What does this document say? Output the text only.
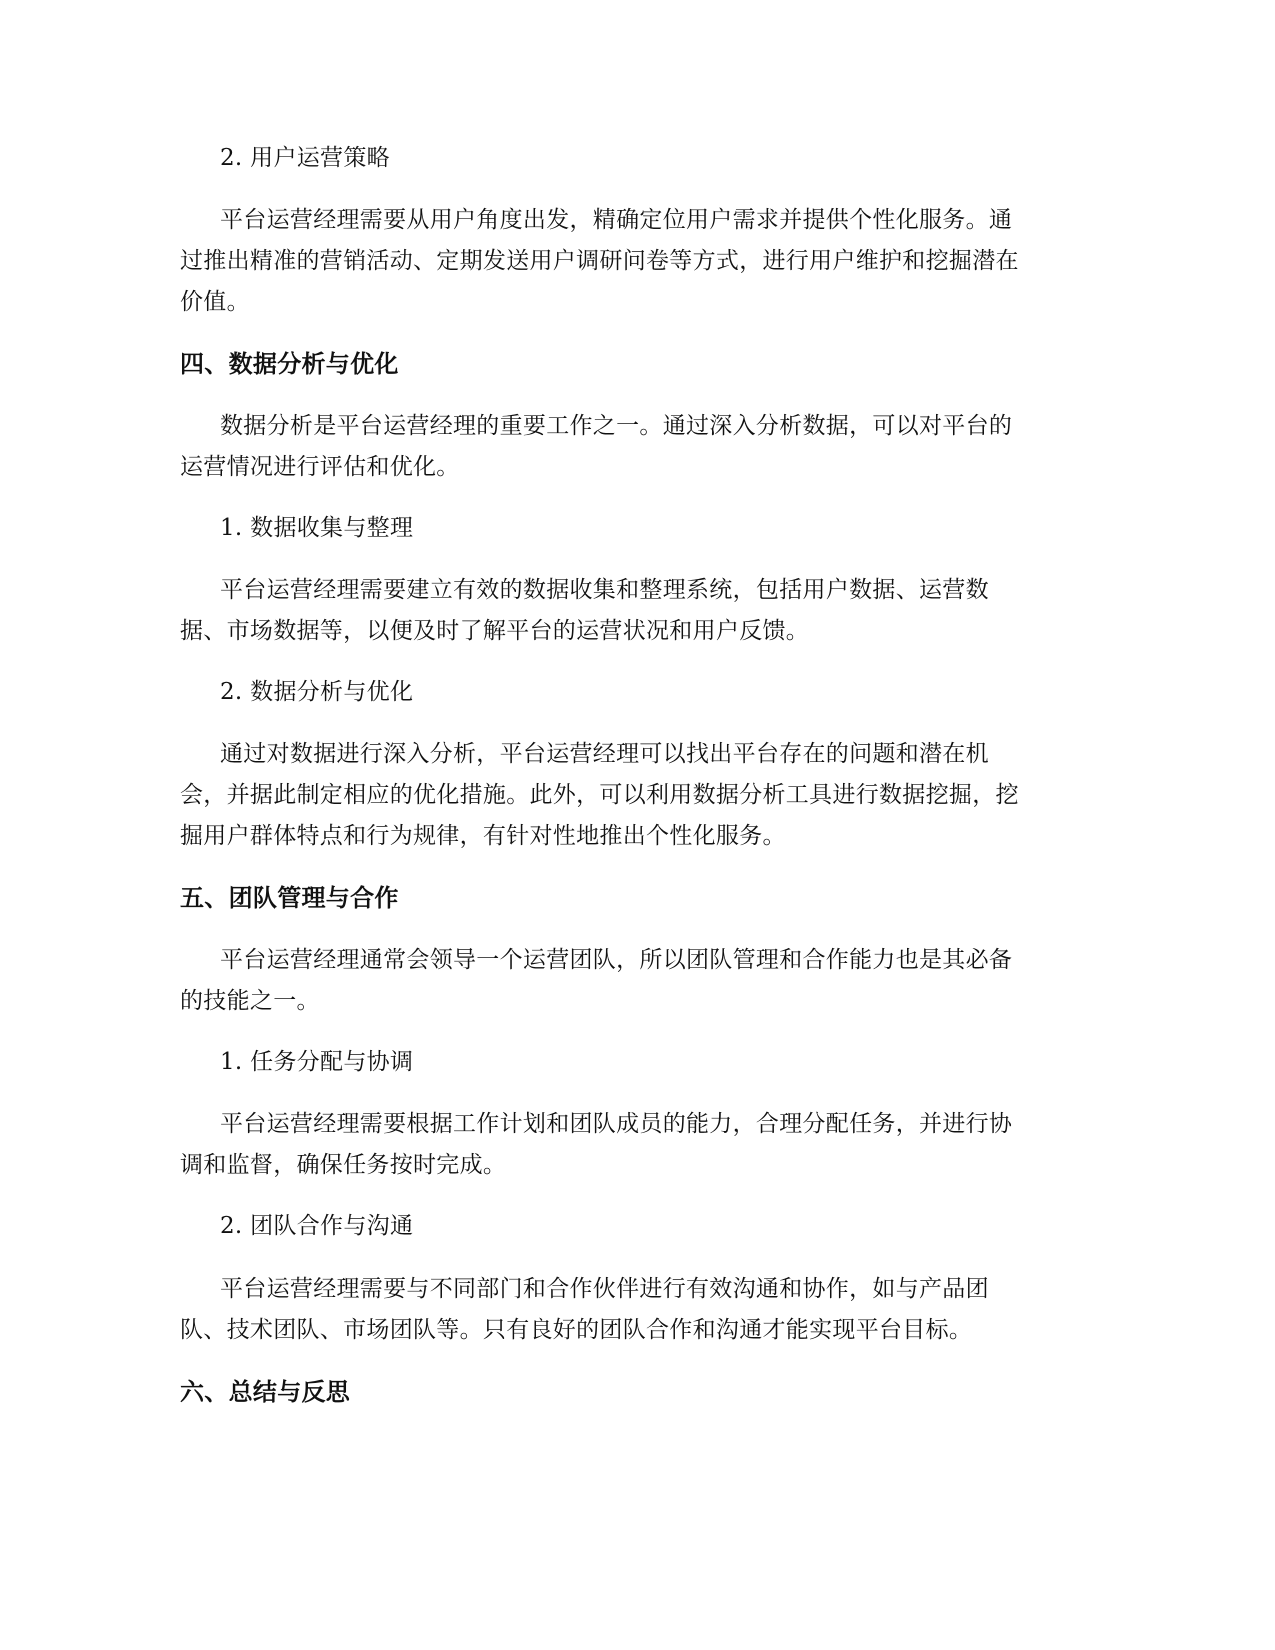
2. 用户运营策略
平台运营经理需要从用户角度出发，精确定位用户需求并提供个性化服务。通
过推出精准的营销活动、定期发送用户调研问卷等方式，进行用户维护和挖掘潜在
价值。
四、数据分析与优化
数据分析是平台运营经理的重要工作之一。通过深入分析数据，可以对平台的
运营情况进行评估和优化。
1. 数据收集与整理
平台运营经理需要建立有效的数据收集和整理系统，包括用户数据、运营数
据、市场数据等，以便及时了解平台的运营状况和用户反馈。
2. 数据分析与优化
通过对数据进行深入分析，平台运营经理可以找出平台存在的问题和潜在机
会，并据此制定相应的优化措施。此外，可以利用数据分析工具进行数据挖掘，挖
掘用户群体特点和行为规律，有针对性地推出个性化服务。
五、团队管理与合作
平台运营经理通常会领导一个运营团队，所以团队管理和合作能力也是其必备
的技能之一。
1. 任务分配与协调
平台运营经理需要根据工作计划和团队成员的能力，合理分配任务，并进行协
调和监督，确保任务按时完成。
2. 团队合作与沟通
平台运营经理需要与不同部门和合作伙伴进行有效沟通和协作，如与产品团
队、技术团队、市场团队等。只有良好的团队合作和沟通才能实现平台目标。
六、总结与反思
